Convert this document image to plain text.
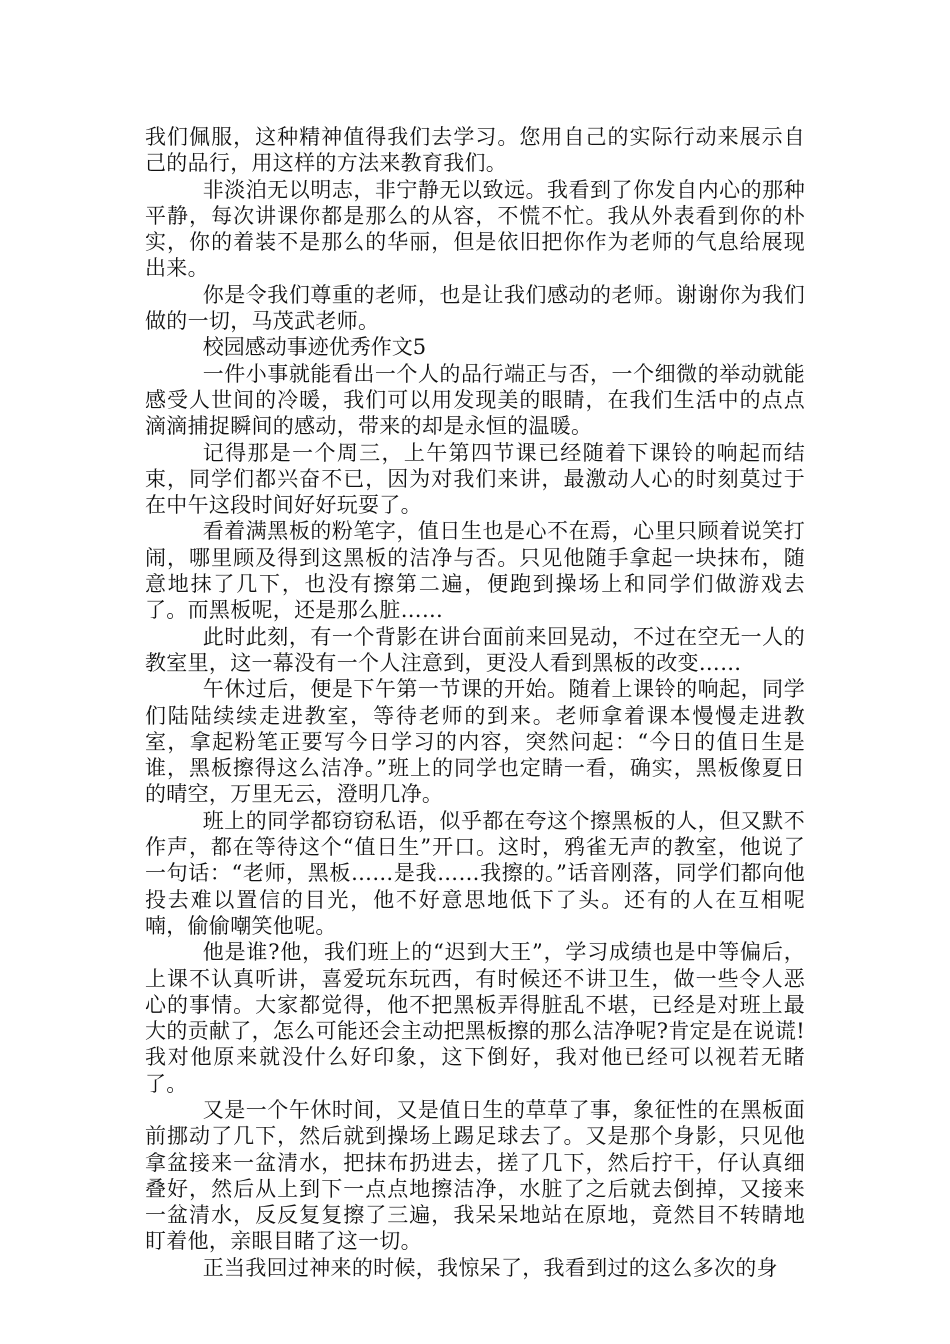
我们佩服，这种精神值得我们去学习。您用自己的实际行动来展示自己的品行，用这样的方法来教育我们。

非淡泊无以明志，非宁静无以致远。我看到了你发自内心的那种平静，每次讲课你都是那么的从容，不慌不忙。我从外表看到你的朴实，你的着装不是那么的华丽，但是依旧把你作为老师的气息给展现出来。

你是令我们尊重的老师，也是让我们感动的老师。谢谢你为我们做的一切，马茂武老师。

校园感动事迹优秀作文5

一件小事就能看出一个人的品行端正与否，一个细微的举动就能感受人世间的冷暖，我们可以用发现美的眼睛，在我们生活中的点点滴滴捕捉瞬间的感动，带来的却是永恒的温暖。

记得那是一个周三，上午第四节课已经随着下课铃的响起而结束，同学们都兴奋不已，因为对我们来讲，最激动人心的时刻莫过于在中午这段时间好好玩耍了。

看着满黑板的粉笔字，值日生也是心不在焉，心里只顾着说笑打闹，哪里顾及得到这黑板的洁净与否。只见他随手拿起一块抹布，随意地抹了几下，也没有擦第二遍，便跑到操场上和同学们做游戏去了。而黑板呢，还是那么脏……

此时此刻，有一个背影在讲台面前来回晃动，不过在空无一人的教室里，这一幕没有一个人注意到，更没人看到黑板的改变……

午休过后，便是下午第一节课的开始。随着上课铃的响起，同学们陆陆续续走进教室，等待老师的到来。老师拿着课本慢慢走进教室，拿起粉笔正要写今日学习的内容，突然问起：“今日的值日生是谁，黑板擦得这么洁净。”班上的同学也定睛一看，确实，黑板像夏日的晴空，万里无云，澄明几净。

班上的同学都窃窃私语，似乎都在夸这个擦黑板的人，但又默不作声，都在等待这个“值日生”开口。这时，鸦雀无声的教室，他说了一句话：“老师，黑板……是我……我擦的。”话音刚落，同学们都向他投去难以置信的目光，他不好意思地低下了头。还有的人在互相呢喃，偷偷嘲笑他呢。

他是谁?他，我们班上的“迟到大王”，学习成绩也是中等偏后，上课不认真听讲，喜爱玩东玩西，有时候还不讲卫生，做一些令人恶心的事情。大家都觉得，他不把黑板弄得脏乱不堪，已经是对班上最大的贡献了，怎么可能还会主动把黑板擦的那么洁净呢?肯定是在说谎!我对他原来就没什么好印象，这下倒好，我对他已经可以视若无睹了。

又是一个午休时间，又是值日生的草草了事，象征性的在黑板面前挪动了几下，然后就到操场上踢足球去了。又是那个身影，只见他拿盆接来一盆清水，把抹布扔进去，搓了几下，然后拧干，仔认真细叠好，然后从上到下一点点地擦洁净，水脏了之后就去倒掉，又接来一盆清水，反反复复擦了三遍，我呆呆地站在原地，竟然目不转睛地盯着他，亲眼目睹了这一切。

正当我回过神来的时候，我惊呆了，我看到过的这么多次的身
